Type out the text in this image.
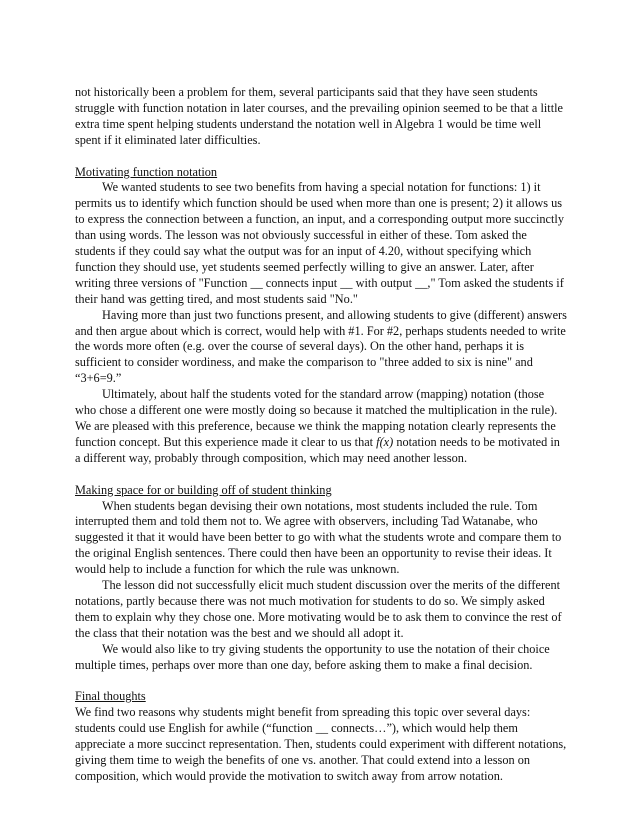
not historically been a problem for them, several participants said that they have seen students struggle with function notation in later courses, and the prevailing opinion seemed to be that a little extra time spent helping students understand the notation well in Algebra 1 would be time well spent if it eliminated later difficulties.

Motivating function notation

We wanted students to see two benefits from having a special notation for functions: 1) it permits us to identify which function should be used when more than one is present; 2) it allows us to express the connection between a function, an input, and a corresponding output more succinctly than using words. The lesson was not obviously successful in either of these. Tom asked the students if they could say what the output was for an input of 4.20, without specifying which function they should use, yet students seemed perfectly willing to give an answer. Later, after writing three versions of "Function __ connects input __ with output __," Tom asked the students if their hand was getting tired, and most students said "No."

Having more than just two functions present, and allowing students to give (different) answers and then argue about which is correct, would help with #1. For #2, perhaps students needed to write the words more often (e.g. over the course of several days). On the other hand, perhaps it is sufficient to consider wordiness, and make the comparison to "three added to six is nine" and “3+6=9.”

Ultimately, about half the students voted for the standard arrow (mapping) notation (those who chose a different one were mostly doing so because it matched the multiplication in the rule). We are pleased with this preference, because we think the mapping notation clearly represents the function concept. But this experience made it clear to us that f(x) notation needs to be motivated in a different way, probably through composition, which may need another lesson.

Making space for or building off of student thinking

When students began devising their own notations, most students included the rule. Tom interrupted them and told them not to. We agree with observers, including Tad Watanabe, who suggested it that it would have been better to go with what the students wrote and compare them to the original English sentences. There could then have been an opportunity to revise their ideas. It would help to include a function for which the rule was unknown.

The lesson did not successfully elicit much student discussion over the merits of the different notations, partly because there was not much motivation for students to do so. We simply asked them to explain why they chose one. More motivating would be to ask them to convince the rest of the class that their notation was the best and we should all adopt it.

We would also like to try giving students the opportunity to use the notation of their choice multiple times, perhaps over more than one day, before asking them to make a final decision.

Final thoughts

We find two reasons why students might benefit from spreading this topic over several days: students could use English for awhile (“function __ connects…”), which would help them appreciate a more succinct representation. Then, students could experiment with different notations, giving them time to weigh the benefits of one vs. another. That could extend into a lesson on composition, which would provide the motivation to switch away from arrow notation.
